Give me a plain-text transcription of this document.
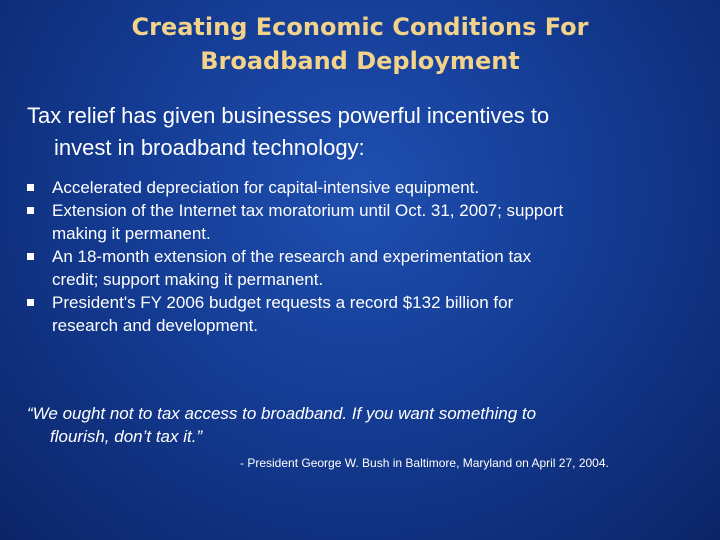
Creating Economic Conditions For
Broadband Deployment
Tax relief has given businesses powerful incentives to
invest in broadband technology:
Accelerated depreciation for capital-intensive equipment.
Extension of the Internet tax moratorium until Oct. 31, 2007; support
making it permanent.
An 18-month extension of the research and experimentation tax
credit; support making it permanent.
President's FY 2006 budget requests a record $132 billion for
research and development.
“We ought not to tax access to broadband. If you want something to
flourish, don’t tax it.”
- President George W. Bush in Baltimore, Maryland on April 27, 2004.
